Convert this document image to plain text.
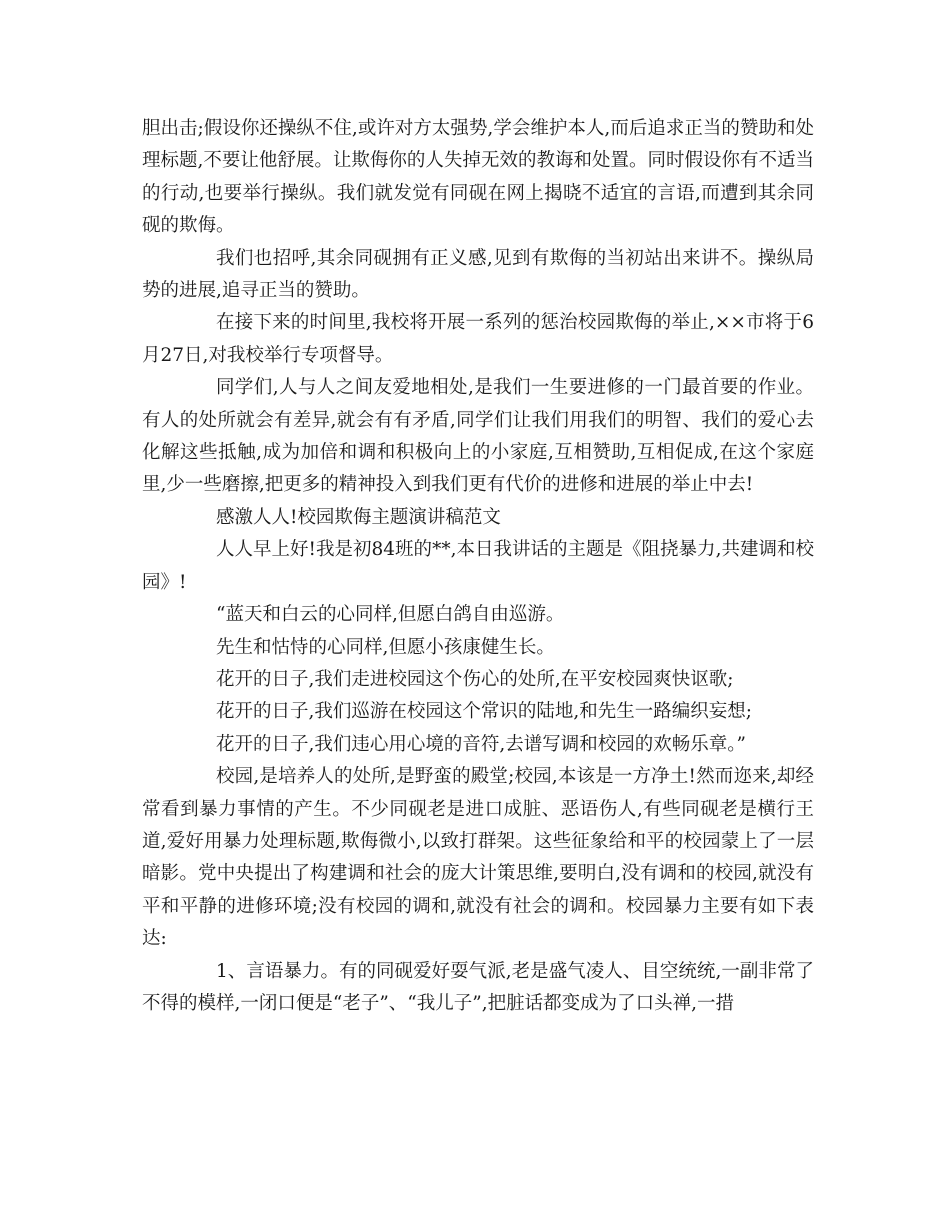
胆出击;假设你还操纵不住,或许对方太强势,学会维护本人,而后追求正当的赞助和处理标题,不要让他舒展。让欺侮你的人失掉无效的教诲和处置。同时假设你有不适当的行动,也要举行操纵。我们就发觉有同砚在网上揭晓不适宜的言语,而遭到其余同砚的欺侮。

我们也招呼,其余同砚拥有正义感,见到有欺侮的当初站出来讲不。操纵局势的进展,追寻正当的赞助。

在接下来的时间里,我校将开展一系列的惩治校园欺侮的举止,××市将于6月27日,对我校举行专项督导。

同学们,人与人之间友爱地相处,是我们一生要进修的一门最首要的作业。有人的处所就会有差异,就会有有矛盾,同学们让我们用我们的明智、我们的爱心去化解这些抵触,成为加倍和调和积极向上的小家庭,互相赞助,互相促成,在这个家庭里,少一些磨擦,把更多的精神投入到我们更有代价的进修和进展的举止中去!

感激人人!校园欺侮主题演讲稿范文

人人早上好!我是初84班的**,本日我讲话的主题是《阻挠暴力,共建调和校园》!

“蓝天和白云的心同样,但愿白鸽自由巡游。

先生和怙恃的心同样,但愿小孩康健生长。

花开的日子,我们走进校园这个伤心的处所,在平安校园爽快讴歌;

花开的日子,我们巡游在校园这个常识的陆地,和先生一路编织妄想;

花开的日子,我们违心用心境的音符,去谱写调和校园的欢畅乐章。”

校园,是培养人的处所,是野蛮的殿堂;校园,本该是一方净土!然而迩来,却经常看到暴力事情的产生。不少同砚老是进口成脏、恶语伤人,有些同砚老是横行王道,爱好用暴力处理标题,欺侮微小,以致打群架。这些征象给和平的校园蒙上了一层暗影。党中央提出了构建调和社会的庞大计策思维,要明白,没有调和的校园,就没有平和平静的进修环境;没有校园的调和,就没有社会的调和。校园暴力主要有如下表达:

1、言语暴力。有的同砚爱好耍气派,老是盛气凌人、目空统统,一副非常了不得的模样,一闭口便是“老子”、“我儿子”,把脏话都变成为了口头禅,一措
